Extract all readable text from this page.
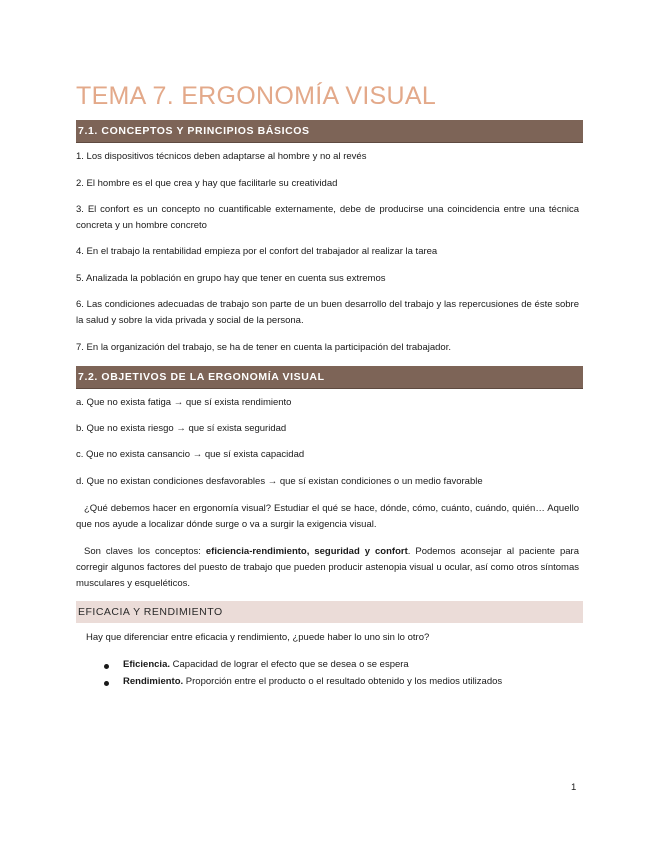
TEMA 7. ERGONOMÍA VISUAL
7.1. CONCEPTOS Y PRINCIPIOS BÁSICOS
1. Los dispositivos técnicos deben adaptarse al hombre y no al revés
2. El hombre es el que crea y hay que facilitarle su creatividad
3. El confort es un concepto no cuantificable externamente, debe de producirse una coincidencia entre una técnica concreta y un hombre concreto
4. En el trabajo la rentabilidad empieza por el confort del trabajador al realizar la tarea
5. Analizada la población en grupo hay que tener en cuenta sus extremos
6. Las condiciones adecuadas de trabajo son parte de un buen desarrollo del trabajo y las repercusiones de éste sobre la salud y sobre la vida privada y social de la persona.
7. En la organización del trabajo, se ha de tener en cuenta la participación del trabajador.
7.2. OBJETIVOS DE LA ERGONOMÍA VISUAL
a. Que no exista fatiga → que sí exista rendimiento
b. Que no exista riesgo → que sí exista seguridad
c. Que no exista cansancio → que sí exista capacidad
d. Que no existan condiciones desfavorables → que sí existan condiciones o un medio favorable
¿Qué debemos hacer en ergonomía visual? Estudiar el qué se hace, dónde, cómo, cuánto, cuándo, quién… Aquello que nos ayude a localizar dónde surge o va a surgir la exigencia visual.
Son claves los conceptos: eficiencia-rendimiento, seguridad y confort. Podemos aconsejar al paciente para corregir algunos factores del puesto de trabajo que pueden producir astenopia visual u ocular, así como otros síntomas musculares y esqueléticos.
EFICACIA Y RENDIMIENTO
Hay que diferenciar entre eficacia y rendimiento, ¿puede haber lo uno sin lo otro?
Eficiencia. Capacidad de lograr el efecto que se desea o se espera
Rendimiento. Proporción entre el producto o el resultado obtenido y los medios utilizados
1
